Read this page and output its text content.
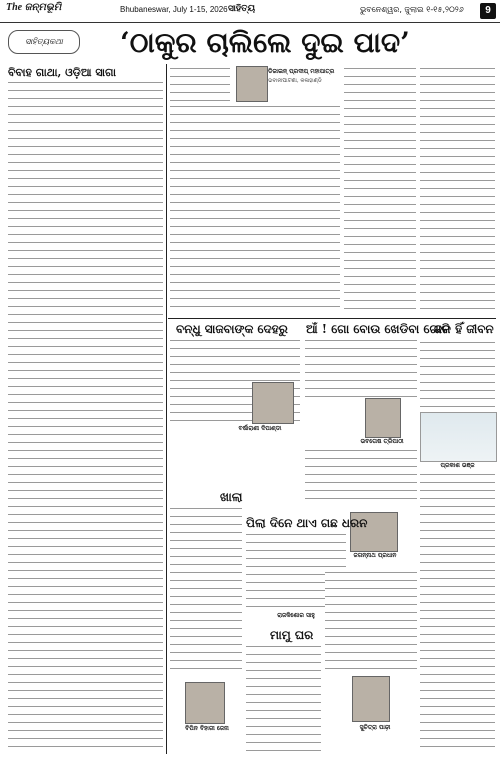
The ଜନ୍ମଭୂମି	Bhubaneswar, July 1-15, 2026 ସାହିତ୍ୟ	ଭୁବନେଶ୍ୱର, ଜୁଲାଇ ୧-୧୫,୨୦୨୬	9
ସାହିତ୍ୟକଥା	‘ଠାକୁର ଚାଲିଲେ ଦୁଇ ପାଦ’
ବିବାହ ଗାଥା, ଓଡ଼ିଆ ସାଗା	ଡିଜାଇନ୍ ପ୍ରଦୀପ୍ ମହାପାତ୍ର
ଭବାନୀପାଟଣା, କଳାହାଣ୍ଡି
ବନ୍ଧୁ ସାଜବାଙ୍କ ଦେହରୁ
ବର୍ଷାରାଣୀ ଦିପାଣ୍ଡା
ଆଁ ! ଗୋ ବୋଉ ଖେଡିବା ଗୋଟି
ଭବତୋଷ ତ୍ରିପାଠୀ
ଜଗନ୍ନାଥ ପ୍ରଧାନ
ଜଳ ହିଁ ଜୀବନ
ପ୍ରକାଶ ଭଞ୍ଜ
ଖାଲା
ବିପିନ ବିହାରୀ ଜେନା
ପିଲା ଦିନେ ଥାଏ ଗଛ ଧରନ
ରାଜକିଶୋର ସାହୁ
ମାମୁ ଘର
ସୁଚିତ୍ରା ପାଢ଼ୀ
